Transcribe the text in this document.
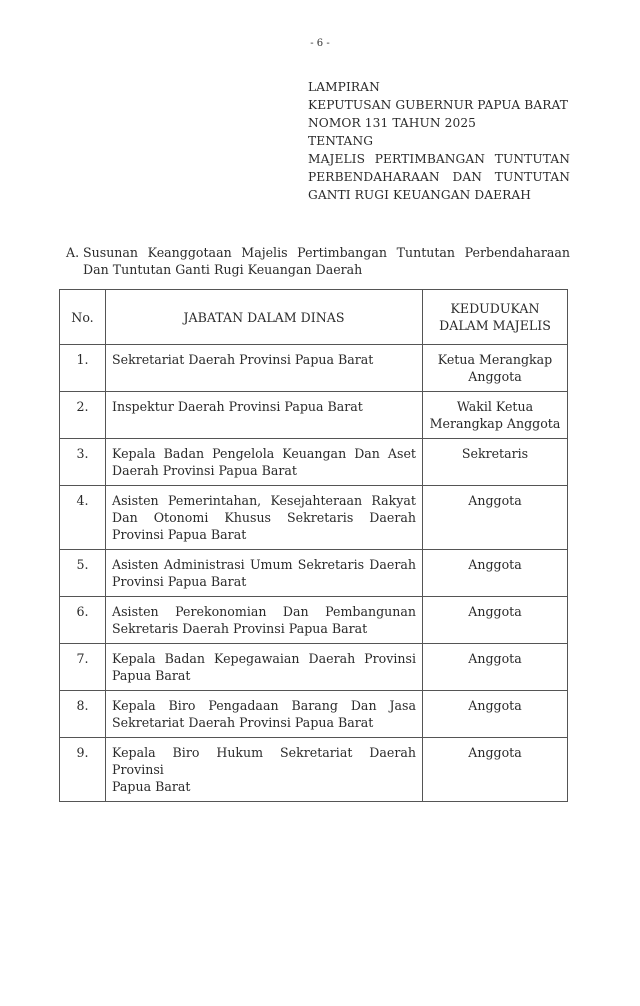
- 6 -
LAMPIRAN
KEPUTUSAN GUBERNUR PAPUA BARAT
NOMOR 131 TAHUN 2025
TENTANG
MAJELIS PERTIMBANGAN TUNTUTAN
PERBENDAHARAAN DAN TUNTUTAN
GANTI RUGI KEUANGAN DAERAH
A. Susunan Keanggotaan Majelis Pertimbangan Tuntutan Perbendaharaan
Dan Tuntutan Ganti Rugi Keuangan Daerah
No.	JABATAN DALAM DINAS	KEDUDUKAN
DALAM MAJELIS

1.	Sekretariat Daerah Provinsi Papua Barat	Ketua Merangkap
Anggota

2.	Inspektur Daerah Provinsi Papua Barat	Wakil Ketua
Merangkap Anggota

3.	Kepala Badan Pengelola Keuangan Dan Aset
Daerah Provinsi Papua Barat	Sekretaris

4.	Asisten Pemerintahan, Kesejahteraan Rakyat
Dan Otonomi Khusus Sekretaris Daerah
Provinsi Papua Barat	Anggota

5.	Asisten Administrasi Umum Sekretaris Daerah
Provinsi Papua Barat	Anggota

6.	Asisten Perekonomian Dan Pembangunan
Sekretaris Daerah Provinsi Papua Barat	Anggota

7.	Kepala Badan Kepegawaian Daerah Provinsi
Papua Barat	Anggota

8.	Kepala Biro Pengadaan Barang Dan Jasa
Sekretariat Daerah Provinsi Papua Barat	Anggota

9.	Kepala Biro Hukum Sekretariat Daerah Provinsi
Papua Barat	Anggota
